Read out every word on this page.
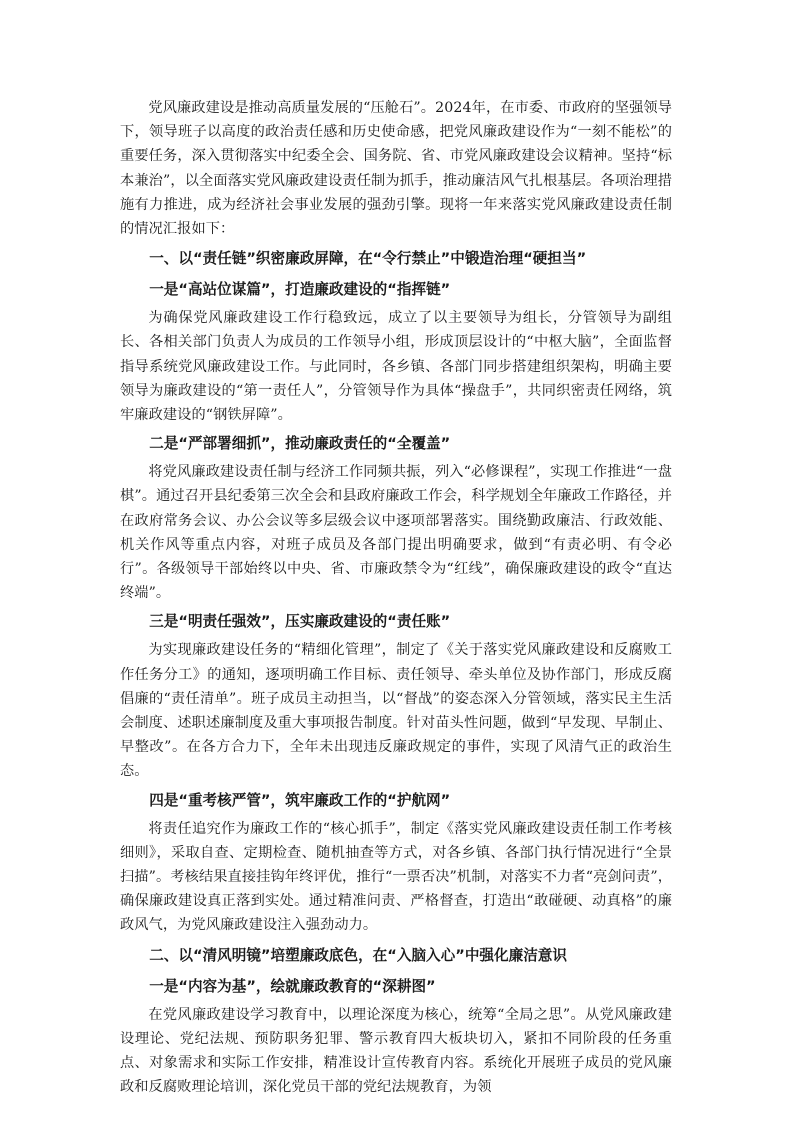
党风廉政建设是推动高质量发展的“压舱石”。2024年，在市委、市政府的坚强领导下，领导班子以高度的政治责任感和历史使命感，把党风廉政建设作为“一刻不能松”的重要任务，深入贯彻落实中纪委全会、国务院、省、市党风廉政建设会议精神。坚持“标本兼治”，以全面落实党风廉政建设责任制为抓手，推动廉洁风气扎根基层。各项治理措施有力推进，成为经济社会事业发展的强劲引擎。现将一年来落实党风廉政建设责任制的情况汇报如下：

一、以“责任链”织密廉政屏障，在“令行禁止”中锻造治理“硬担当”
一是“高站位谋篇”，打造廉政建设的“指挥链”

为确保党风廉政建设工作行稳致远，成立了以主要领导为组长，分管领导为副组长、各相关部门负责人为成员的工作领导小组，形成顶层设计的“中枢大脑”，全面监督指导系统党风廉政建设工作。与此同时，各乡镇、各部门同步搭建组织架构，明确主要领导为廉政建设的“第一责任人”，分管领导作为具体“操盘手”，共同织密责任网络，筑牢廉政建设的“钢铁屏障”。

二是“严部署细抓”，推动廉政责任的“全覆盖”

将党风廉政建设责任制与经济工作同频共振，列入“必修课程”，实现工作推进“一盘棋”。通过召开县纪委第三次全会和县政府廉政工作会，科学规划全年廉政工作路径，并在政府常务会议、办公会议等多层级会议中逐项部署落实。围绕勤政廉洁、行政效能、机关作风等重点内容，对班子成员及各部门提出明确要求，做到“有责必明、有令必行”。各级领导干部始终以中央、省、市廉政禁令为“红线”，确保廉政建设的政令“直达终端”。

三是“明责任强效”，压实廉政建设的“责任账”

为实现廉政建设任务的“精细化管理”，制定了《关于落实党风廉政建设和反腐败工作任务分工》的通知，逐项明确工作目标、责任领导、牵头单位及协作部门，形成反腐倡廉的“责任清单”。班子成员主动担当，以“督战”的姿态深入分管领域，落实民主生活会制度、述职述廉制度及重大事项报告制度。针对苗头性问题，做到“早发现、早制止、早整改”。在各方合力下，全年未出现违反廉政规定的事件，实现了风清气正的政治生态。

四是“重考核严管”，筑牢廉政工作的“护航网”

将责任追究作为廉政工作的“核心抓手”，制定《落实党风廉政建设责任制工作考核细则》，采取自查、定期检查、随机抽查等方式，对各乡镇、各部门执行情况进行“全景扫描”。考核结果直接挂钩年终评优，推行“一票否决”机制，对落实不力者“亮剑问责”，确保廉政建设真正落到实处。通过精准问责、严格督查，打造出“敢碰硬、动真格”的廉政风气，为党风廉政建设注入强劲动力。

二、以“清风明镜”培塑廉政底色，在“入脑入心”中强化廉洁意识
一是“内容为基”，绘就廉政教育的“深耕图”

在党风廉政建设学习教育中，以理论深度为核心，统筹“全局之思”。从党风廉政建设理论、党纪法规、预防职务犯罪、警示教育四大板块切入，紧扣不同阶段的任务重点、对象需求和实际工作安排，精准设计宣传教育内容。系统化开展班子成员的党风廉政和反腐败理论培训，深化党员干部的党纪法规教育，为领
